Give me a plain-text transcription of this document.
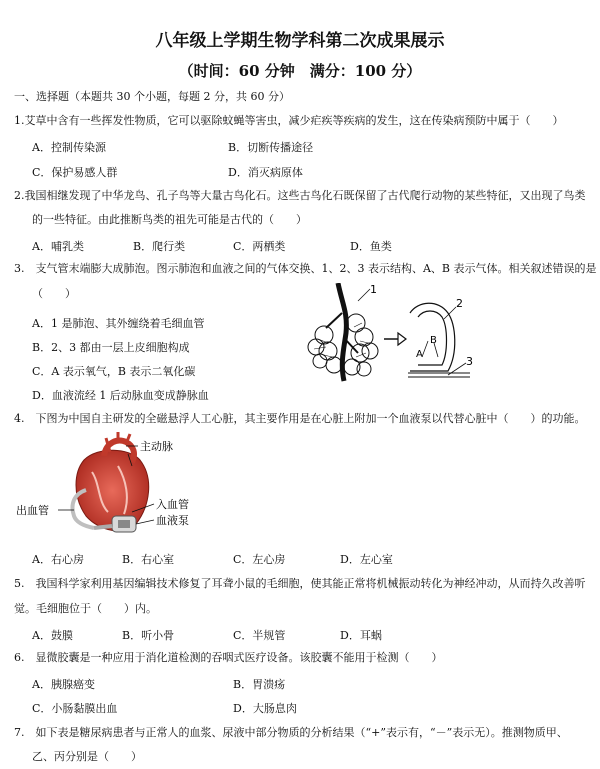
八年级上学期生物学科第二次成果展示
（时间：60 分钟　满分：100 分）
一、选择题（本题共 30 个小题，每题 2 分，共 60 分）
1.艾草中含有一些挥发性物质，它可以驱除蚊蝇等害虫，减少疟疾等疾病的发生，这在传染病预防中属于（　　）
A．控制传染源	B．切断传播途径
C．保护易感人群	D．消灭病原体
2.我国相继发现了中华龙鸟、孔子鸟等大量古鸟化石。这些古鸟化石既保留了古代爬行动物的某些特征，又出现了鸟类
的一些特征。由此推断鸟类的祖先可能是古代的（　　）
A．哺乳类	B．爬行类	C．两栖类	D．鱼类
3.　支气管末端膨大成肺泡。图示肺泡和血液之间的气体交换、1、2、3 表示结构、A、B 表示气体。相关叙述错误的是
（　　）
A．1 是肺泡、其外缠绕着毛细血管
B．2、3 都由一层上皮细胞构成
C．A 表示氧气，B 表示二氧化碳
D．血液流经 1 后动脉血变成静脉血
1
2
3
A
B
4.　下图为中国自主研发的全磁悬浮人工心脏，其主要作用是在心脏上附加一个血液泵以代替心脏中（　　）的功能。
主动脉
出血管	入血管
血液泵
A．右心房	B．右心室	C．左心房	D．左心室
5.　我国科学家利用基因编辑技术修复了耳聋小鼠的毛细胞，使其能正常将机械振动转化为神经冲动，从而持久改善听
觉。毛细胞位于（　　）内。
A．鼓膜	B．听小骨	C．半规管	D．耳蜗
6.　显微胶囊是一种应用于消化道检测的吞咽式医疗设备。该胶囊不能用于检测（　　）
A．胰腺癌变	B．胃溃疡
C．小肠黏膜出血	D．大肠息肉
7.　如下表是糖尿病患者与正常人的血浆、尿液中部分物质的分析结果（“+”表示有，“－”表示无）。推测物质甲、
乙、丙分别是（　　）
